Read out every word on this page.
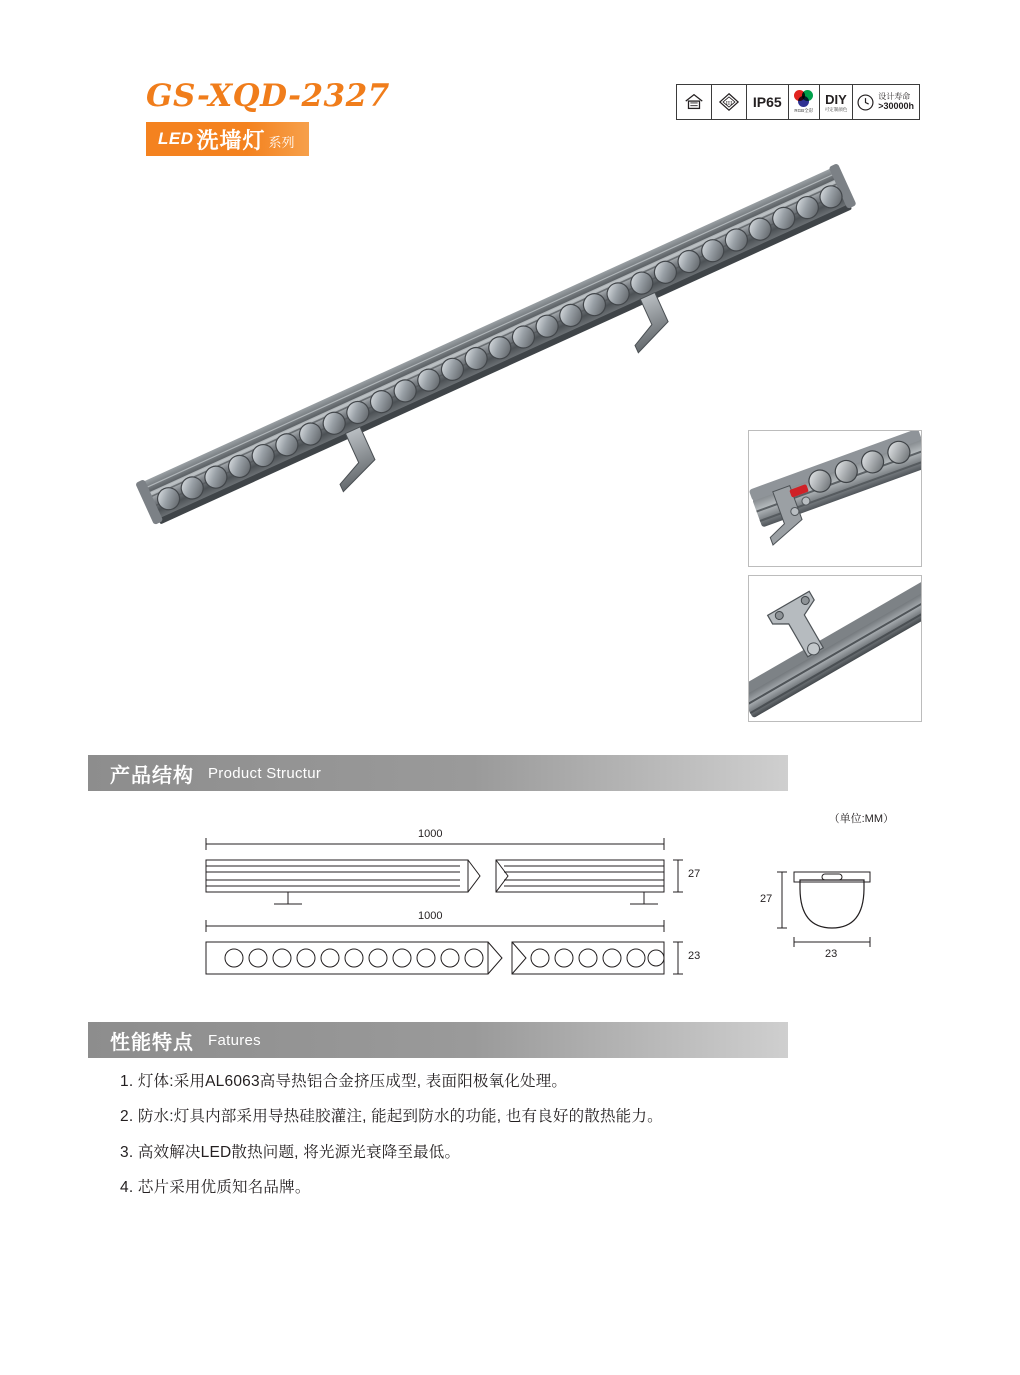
GS-XQD-2327
LED 洗墙灯 系列
III IP65
RGB全彩
DIY
可定制颜色
设计寿命
>30000h
产品结构 Product Structur
（单位:MM）
1000
1000
27
23
27
23
性能特点 Fatures
1. 灯体:采用AL6063高导热铝合金挤压成型, 表面阳极氧化处理。
2. 防水:灯具内部采用导热硅胶灌注, 能起到防水的功能, 也有良好的散热能力。
3. 高效解决LED散热问题, 将光源光衰降至最低。
4. 芯片采用优质知名品牌。
